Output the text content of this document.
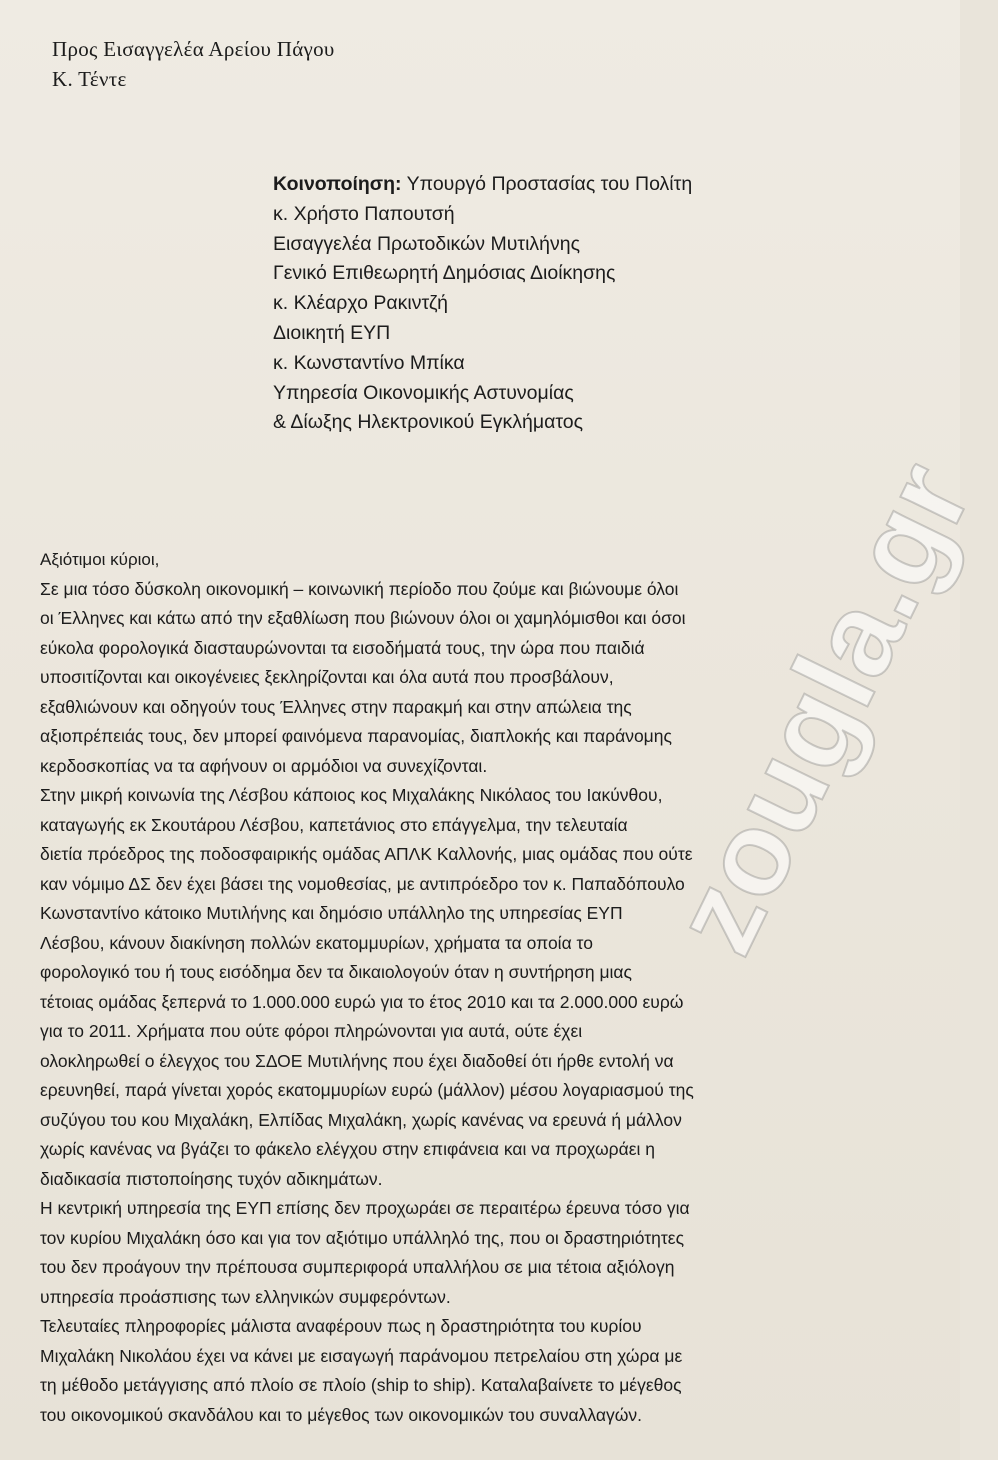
Προς Εισαγγελέα Αρείου Πάγου
Κ. Τέντε
Κοινοποίηση: Υπουργό Προστασίας του Πολίτη
κ. Χρήστο Παπουτσή
Εισαγγελέα Πρωτοδικών Μυτιλήνης
Γενικό Επιθεωρητή Δημόσιας Διοίκησης
κ. Κλέαρχο Ρακιντζή
Διοικητή ΕΥΠ
κ. Κωνσταντίνο Μπίκα
Υπηρεσία Οικονομικής Αστυνομίας
& Δίωξης Ηλεκτρονικού Εγκλήματος
Αξιότιμοι κύριοι,
Σε μια τόσο δύσκολη οικονομική – κοινωνική περίοδο που ζούμε και βιώνουμε όλοι
οι Έλληνες και κάτω από την εξαθλίωση που βιώνουν όλοι οι χαμηλόμισθοι και όσοι
εύκολα φορολογικά διασταυρώνονται τα εισοδήματά τους, την ώρα που παιδιά
υποσιτίζονται και οικογένειες ξεκληρίζονται και όλα αυτά που προσβάλουν,
εξαθλιώνουν και οδηγούν τους Έλληνες στην παρακμή και στην απώλεια της
αξιοπρέπειάς τους, δεν μπορεί φαινόμενα παρανομίας, διαπλοκής και παράνομης
κερδοσκοπίας να τα αφήνουν οι αρμόδιοι να συνεχίζονται.
Στην μικρή κοινωνία της Λέσβου κάποιος κος Μιχαλάκης Νικόλαος του Ιακύνθου,
καταγωγής εκ Σκουτάρου Λέσβου, καπετάνιος στο επάγγελμα, την τελευταία
διετία πρόεδρος της ποδοσφαιρικής ομάδας ΑΠΛΚ Καλλονής, μιας ομάδας που ούτε
καν νόμιμο ΔΣ δεν έχει βάσει της νομοθεσίας, με αντιπρόεδρο τον κ. Παπαδόπουλο
Κωνσταντίνο κάτοικο Μυτιλήνης και δημόσιο υπάλληλο της υπηρεσίας ΕΥΠ
Λέσβου, κάνουν διακίνηση πολλών εκατομμυρίων, χρήματα τα οποία το
φορολογικό του ή τους εισόδημα δεν τα δικαιολογούν όταν η συντήρηση μιας
τέτοιας ομάδας ξεπερνά το 1.000.000 ευρώ για το έτος 2010 και τα 2.000.000 ευρώ
για το 2011. Χρήματα που ούτε φόροι πληρώνονται για αυτά, ούτε έχει
ολοκληρωθεί ο έλεγχος του ΣΔΟΕ Μυτιλήνης που έχει διαδοθεί ότι ήρθε εντολή να
ερευνηθεί, παρά γίνεται χορός εκατομμυρίων ευρώ (μάλλον) μέσου λογαριασμού της
συζύγου του κου Μιχαλάκη, Ελπίδας Μιχαλάκη, χωρίς κανένας να ερευνά ή μάλλον
χωρίς κανένας να βγάζει το φάκελο ελέγχου στην επιφάνεια και να προχωράει η
διαδικασία πιστοποίησης τυχόν αδικημάτων.
Η κεντρική υπηρεσία της ΕΥΠ επίσης δεν προχωράει σε περαιτέρω έρευνα τόσο για
τον κυρίου Μιχαλάκη όσο και για τον αξιότιμο υπάλληλό της, που οι δραστηριότητες
του δεν προάγουν την πρέπουσα συμπεριφορά υπαλλήλου σε μια τέτοια αξιόλογη
υπηρεσία προάσπισης των ελληνικών συμφερόντων.
Τελευταίες πληροφορίες μάλιστα αναφέρουν πως η δραστηριότητα του κυρίου
Μιχαλάκη Νικολάου έχει να κάνει με εισαγωγή παράνομου πετρελαίου στη χώρα με
τη μέθοδο μετάγγισης από πλοίο σε πλοίο (ship to ship). Καταλαβαίνετε το μέγεθος
του οικονομικού σκανδάλου και το μέγεθος των οικονομικών του συναλλαγών.
zougla.gr
